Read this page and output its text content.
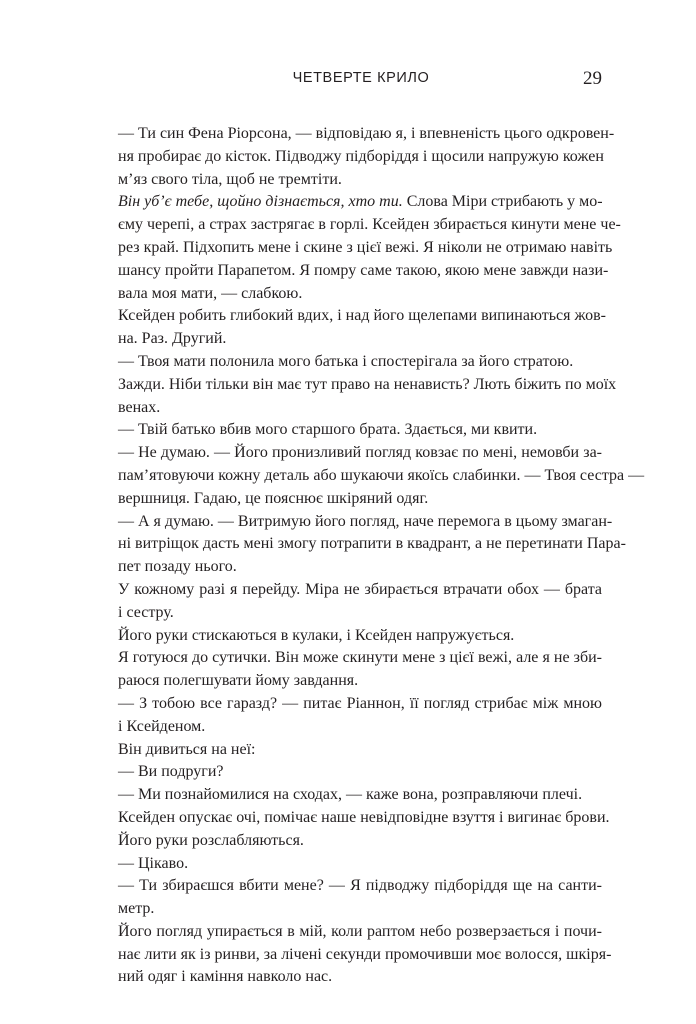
ЧЕТВЕРТЕ КРИЛО	29

— Ти син Фена Ріорсона, — відповідаю я, і впевненість цього одкровен-
ня пробирає до кісток. Підводжу підборіддя і щосили напружую кожен
м’яз свого тіла, щоб не тремтіти.

Він уб’є тебе, щойно дізнається, хто ти. Слова Міри стрибають у мо-
єму черепі, а страх застрягає в горлі. Ксейден збирається кинути мене че-
рез край. Підхопить мене і скине з цієї вежі. Я ніколи не отримаю навіть
шансу пройти Парапетом. Я помру саме такою, якою мене завжди нази-
вала моя мати, — слабкою.

Ксейден робить глибокий вдих, і над його щелепами випинаються жов-
на. Раз. Другий.

— Твоя мати полонила мого батька і спостерігала за його стратою.

Зажди. Ніби тільки він має тут право на ненависть? Лють біжить по моїх
венах.

— Твій батько вбив мого старшого брата. Здається, ми квити.

— Не думаю. — Його пронизливий погляд ковзає по мені, немовби за-
пам’ятовуючи кожну деталь або шукаючи якоїсь слабинки. — Твоя сестра —
вершниця. Гадаю, це пояснює шкіряний одяг.

— А я думаю. — Витримую його погляд, наче перемога в цьому змаган-
ні витріщок дасть мені змогу потрапити в квадрант, а не перетинати Пара-
пет позаду нього.

У кожному разі я перейду. Міра не збирається втрачати обох — брата
і сестру.

Його руки стискаються в кулаки, і Ксейден напружується.

Я готуюся до сутички. Він може скинути мене з цієї вежі, але я не зби-
раюся полегшувати йому завдання.

— З тобою все гаразд? — питає Ріаннон, її погляд стрибає між мною
і Ксейденом.

Він дивиться на неї:

— Ви подруги?

— Ми познайомилися на сходах, — каже вона, розправляючи плечі.

Ксейден опускає очі, помічає наше невідповідне взуття і вигинає брови.
Його руки розслабляються.

— Цікаво.

— Ти збираєшся вбити мене? — Я підводжу підборіддя ще на санти-
метр.

Його погляд упирається в мій, коли раптом небо розверзається і почи-
нає лити як із ринви, за лічені секунди промочивши моє волосся, шкіря-
ний одяг і каміння навколо нас.
